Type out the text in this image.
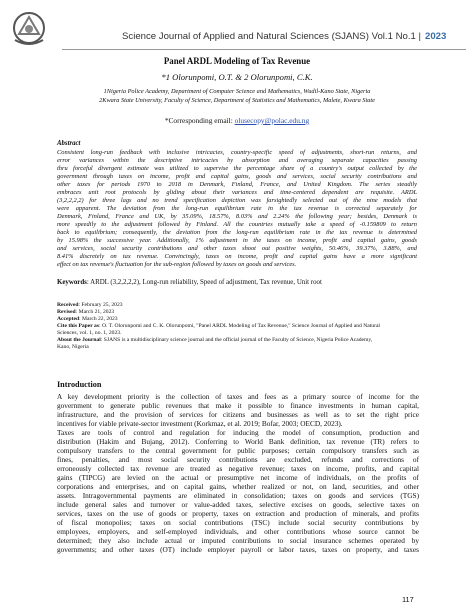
Science Journal of Applied and Natural Sciences (SJANS) Vol.1 No.1 | 2023
Panel ARDL Modeling of Tax Revenue
*1 Olorunpomi, O.T. & 2 Olorunpomi, C.K.
1Nigeria Police Academy, Department of Computer Science and Mathematics, Wudil-Kano State, Nigeria
2Kwara State University, Faculty of Science, Department of Statistics and Mathematics, Malete, Kwara State
*Corresponding email: olusecopy@polac.edu.ng
Abstract
Consistent long-run feedback with inclusive intricacies, country-specific speed of adjustments, short-run returns, and
error variances within the descriptive intricacies by absorption and averaging separate capacities passing
thru forceful divergent estimate was utilized to supervise the percentage share of a country's output collected by the
government through taxes on income, profit and capital gains, goods and services, social security contributions and
other taxes for periods 1970 to 2018 in Denmark, Finland, France, and United Kingdom. The series steadily
embraces unit root protocols by gliding about their variances and time-centered dependent are requisite. ARDL
(3,2,2,2,2) for three lags and no trend specification depiction was farsightedly selected out of the nine models that
were apparent. The deviation from the long-run equilibrium rate in the tax revenue is corrected separately for
Denmark, Finland, France and UK, by 35.09%, 18.57%, 8.03% and 2.24% the following year; besides, Denmark is
more speedily to the adjustment followed by Finland. All the countries mutually take a speed of -0.159809 to return
back to equilibrium; consequently, the deviation from the long-run equilibrium rate in the tax revenue is determined
by 15.98% the successive year. Additionally, 1% adjustment in the taxes on income, profit and capital gains, goods
and services, social security contributions and other taxes shoot out positive weights, 50.46%, 39.37%, 3.88%, and
8.41% discretely on tax revenue. Convincingly, taxes on income, profit and capital gains have a more significant
effect on tax revenue's fluctuation for the sub-region followed by taxes on goods and services.
Keywords: ARDL (3,2,2,2,2), Long-run reliability, Speed of adjustment, Tax revenue, Unit root
Received: February 25, 2023
Revised: March 21, 2023
Accepted: March 22, 2023
Cite this Paper as: O. T. Olorunpomi and C. K. Olorunpomi, "Panel ARDL Modeling of Tax Revenue," Science Journal of Applied and Natural
Sciences, vol. 1, no. 1, 2023.
About the Journal: SJANS is a multidisciplinary science journal and the official journal of the Faculty of Science, Nigeria Police Academy,
Kano, Nigeria
Introduction
A key development priority is the collection of taxes and fees as a primary source of income for the
government to generate public revenues that make it possible to finance investments in human capital,
infrastructure, and the provision of services for citizens and businesses as well as to set the right price
incentives for viable private-sector investment (Korkmaz, et al. 2019; Bofar, 2003; OECD, 2023).
Taxes are tools of control and regulation for inducing the model of consumption, production and
distribution (Hakim and Bujang, 2012). Conferring to World Bank definition, tax revenue (TR) refers to
compulsory transfers to the central government for public purposes; certain compulsory transfers such as
fines, penalties, and most social security contributions are excluded, refunds and corrections of
erroneously collected tax revenue are treated as negative revenue; taxes on income, profits, and capital
gains (TIPCG) are levied on the actual or presumptive net income of individuals, on the profits of
corporations and enterprises, and on capital gains, whether realized or not, on land, securities, and other
assets. Intragovernmental payments are eliminated in consolidation; taxes on goods and services (TGS)
include general sales and turnover or value-added taxes, selective excises on goods, selective taxes on
services, taxes on the use of goods or property, taxes on extraction and production of minerals, and profits
of fiscal monopolies; taxes on social contributions (TSC) include social security contributions by
employees, employers, and self-employed individuals, and other contributions whose source cannot be
determined; they also include actual or imputed contributions to social insurance schemes operated by
governments; and other taxes (OT) include employer payroll or labor taxes, taxes on property, and taxes
117
